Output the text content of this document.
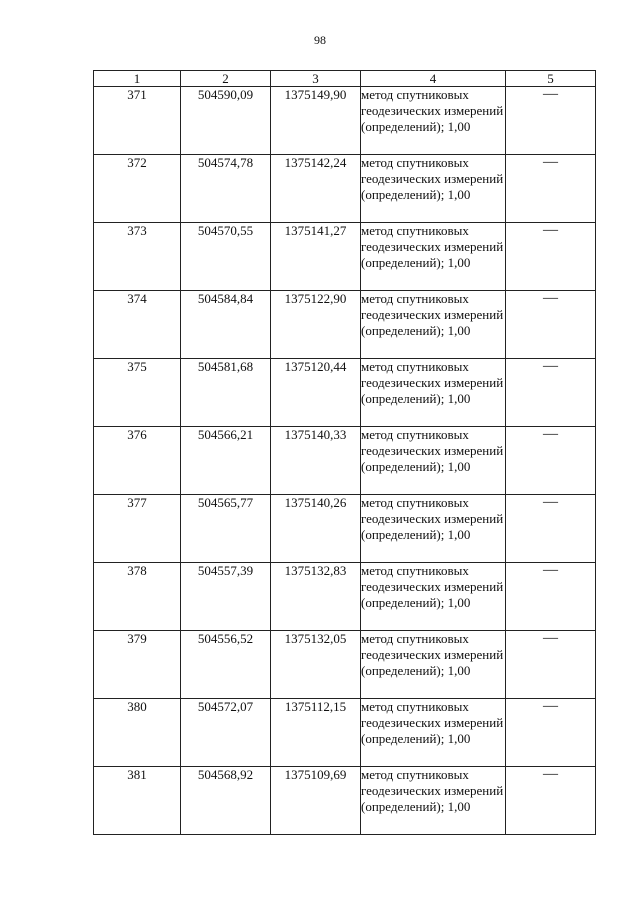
98
1	2	3	4	5
371	504590,09	1375149,90	метод спутниковых геодезических измерений (определений); 1,00	—
372	504574,78	1375142,24	метод спутниковых геодезических измерений (определений); 1,00	—
373	504570,55	1375141,27	метод спутниковых геодезических измерений (определений); 1,00	—
374	504584,84	1375122,90	метод спутниковых геодезических измерений (определений); 1,00	—
375	504581,68	1375120,44	метод спутниковых геодезических измерений (определений); 1,00	—
376	504566,21	1375140,33	метод спутниковых геодезических измерений (определений); 1,00	—
377	504565,77	1375140,26	метод спутниковых геодезических измерений (определений); 1,00	—
378	504557,39	1375132,83	метод спутниковых геодезических измерений (определений); 1,00	—
379	504556,52	1375132,05	метод спутниковых геодезических измерений (определений); 1,00	—
380	504572,07	1375112,15	метод спутниковых геодезических измерений (определений); 1,00	—
381	504568,92	1375109,69	метод спутниковых геодезических измерений (определений); 1,00	—
